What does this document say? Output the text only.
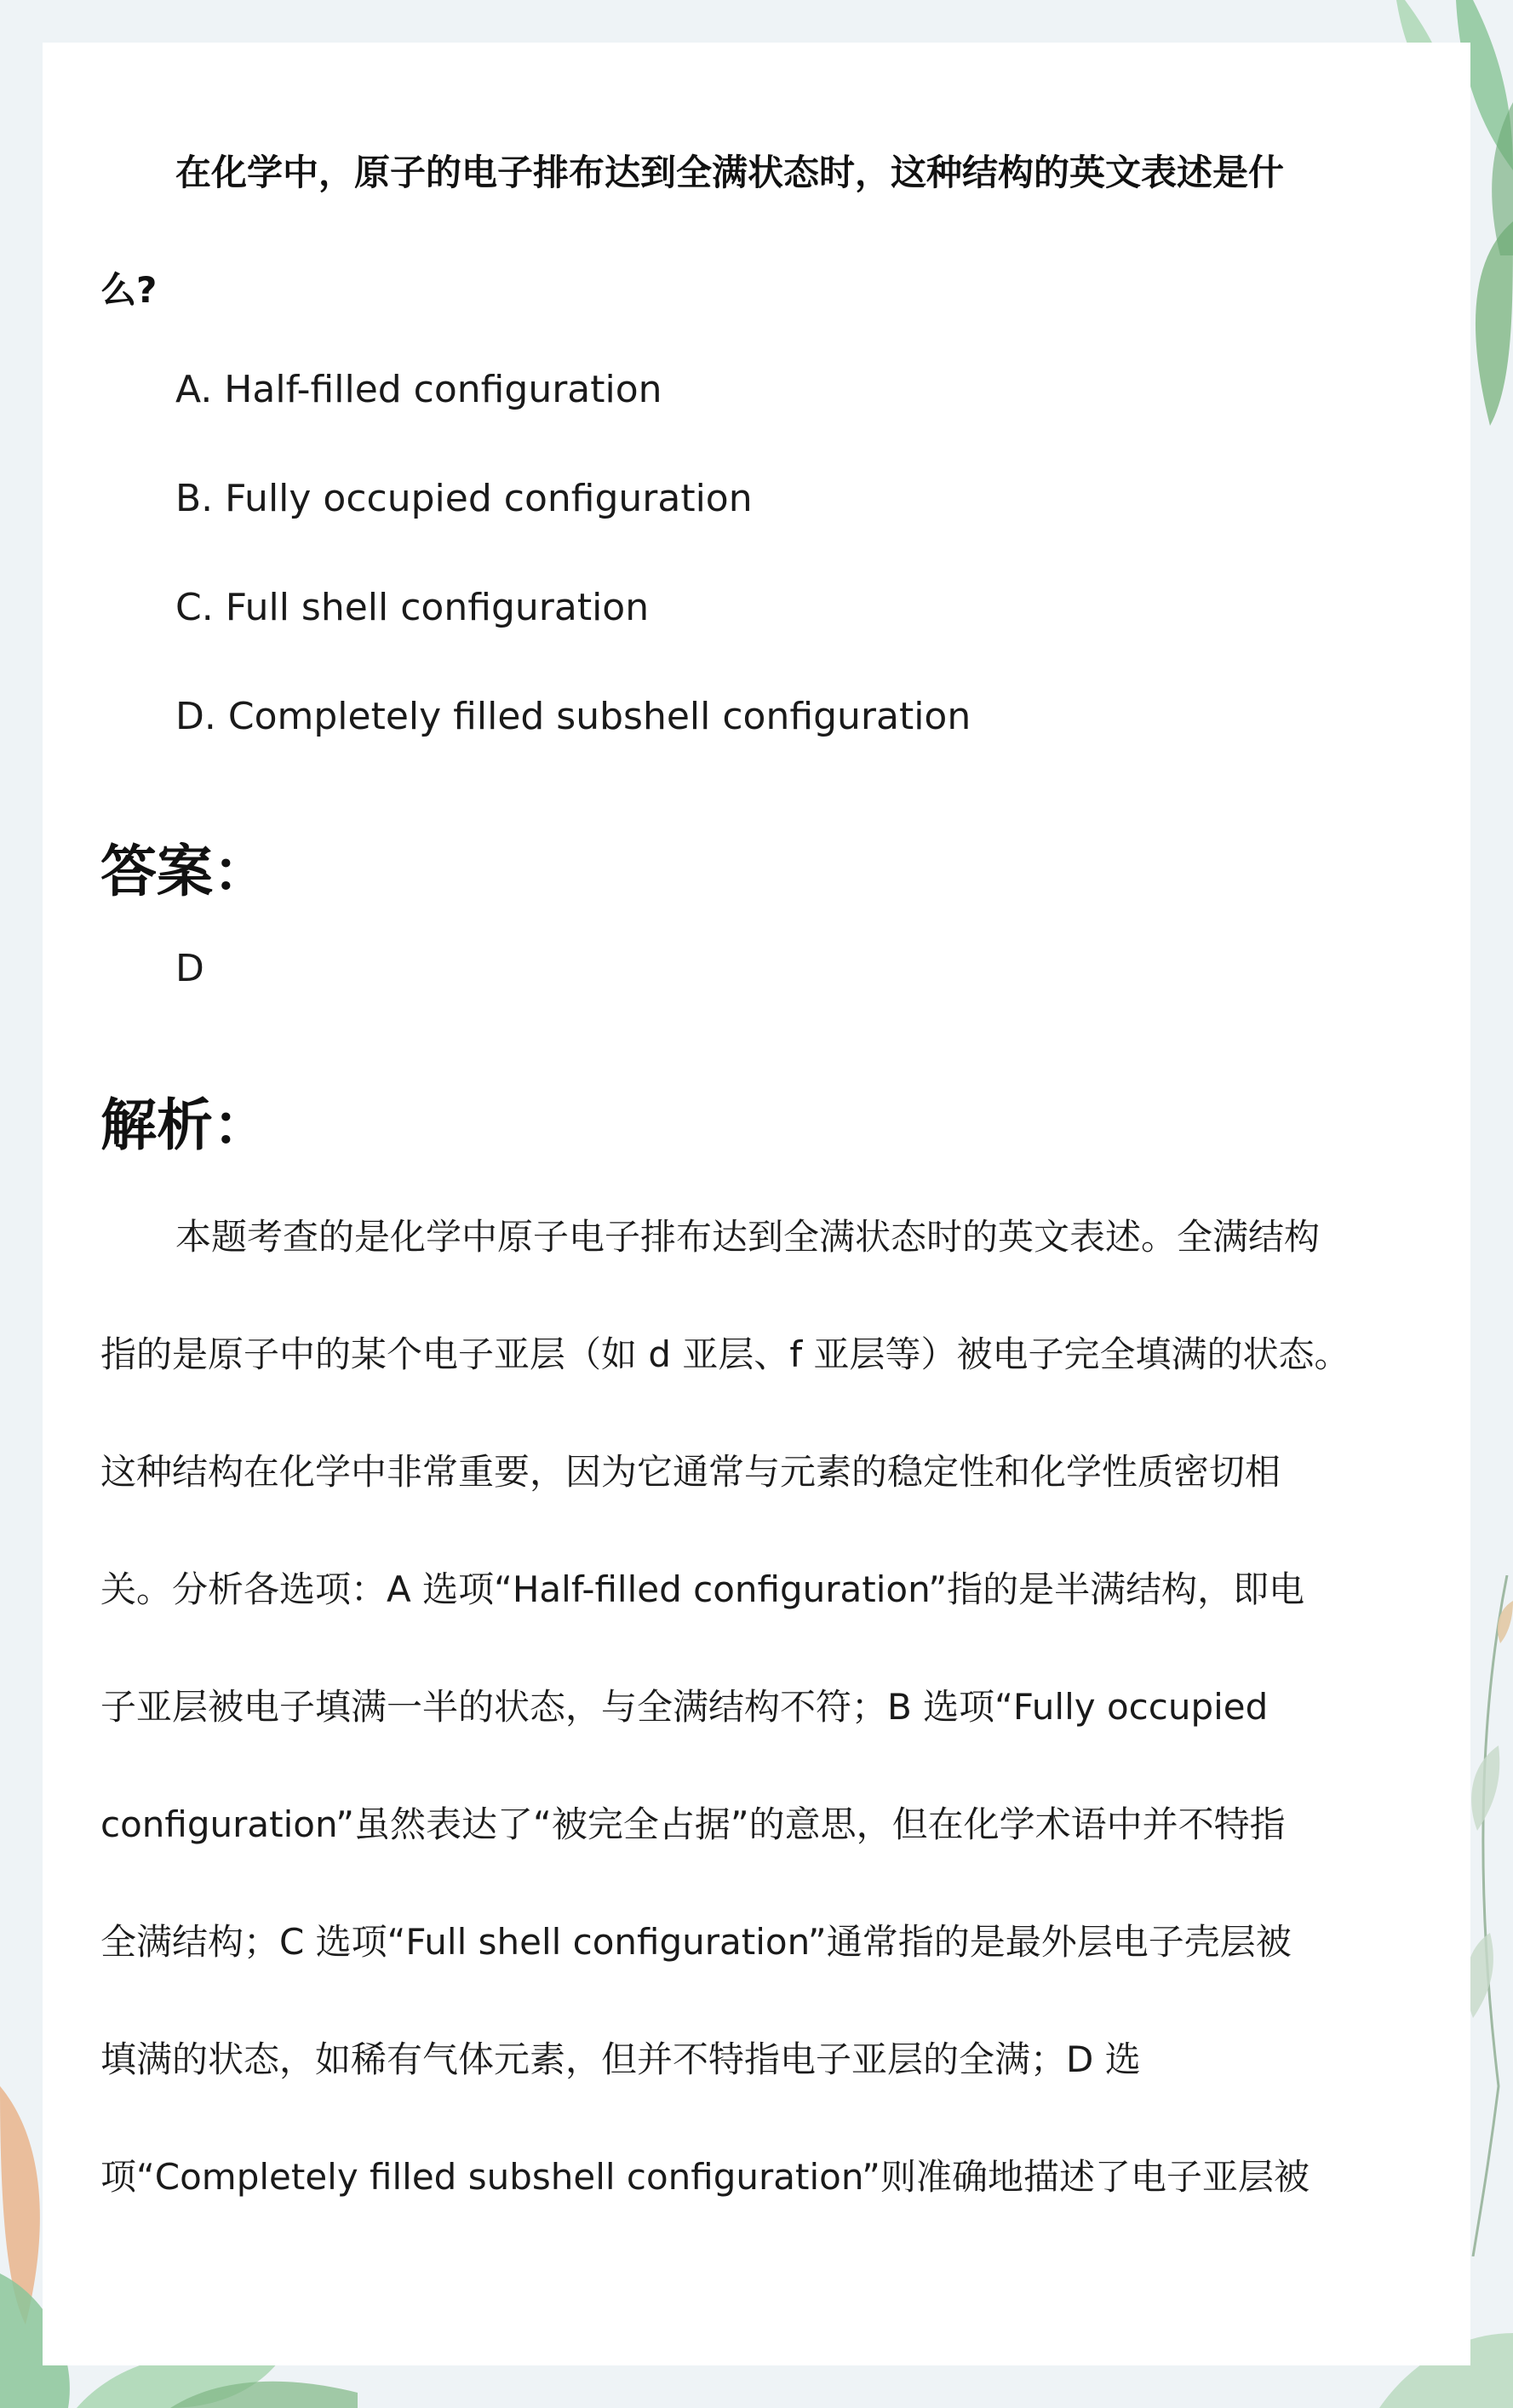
在化学中，原子的电子排布达到全满状态时，这种结构的英文表述是什
么?
A. Half-filled configuration
B. Fully occupied configuration
C. Full shell configuration
D. Completely filled subshell configuration
答案：
D
解析：
本题考查的是化学中原子电子排布达到全满状态时的英文表述。全满结构
指的是原子中的某个电子亚层（如 d 亚层、f 亚层等）被电子完全填满的状态。
这种结构在化学中非常重要，因为它通常与元素的稳定性和化学性质密切相
关。分析各选项：A 选项“Half-filled configuration”指的是半满结构，即电
子亚层被电子填满一半的状态，与全满结构不符；B 选项“Fully occupied
configuration”虽然表达了“被完全占据”的意思，但在化学术语中并不特指
全满结构；C 选项“Full shell configuration”通常指的是最外层电子壳层被
填满的状态，如稀有气体元素，但并不特指电子亚层的全满；D 选
项“Completely filled subshell configuration”则准确地描述了电子亚层被
